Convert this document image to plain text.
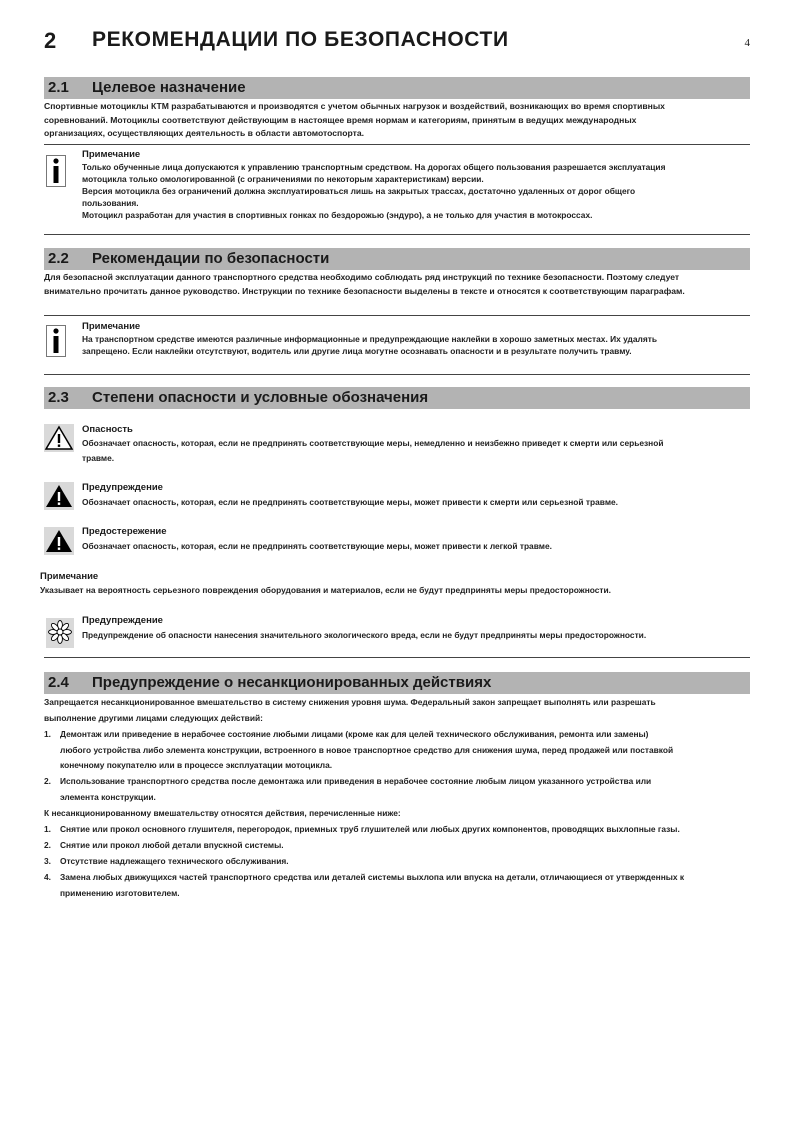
2 РЕКОМЕНДАЦИИ ПО БЕЗОПАСНОСТИ	4
2.1 Целевое назначение
Спортивные мотоциклы КТМ разрабатываются и производятся с учетом обычных нагрузок и воздействий, возникающих во время спортивных
соревнований. Мотоциклы соответствуют действующим в настоящее время нормам и категориям, принятым в ведущих международных
организациях, осуществляющих деятельность в области автомотоспорта.
Примечание
Только обученные лица допускаются к управлению транспортным средством. На дорогах общего пользования разрешается эксплуатация
мотоцикла только омологированной (с ограничениями по некоторым характеристикам) версии.
Версия мотоцикла без ограничений должна эксплуатироваться лишь на закрытых трассах, достаточно удаленных от дорог общего
пользования.
Мотоцикл разработан для участия в спортивных гонках по бездорожью (эндуро), а не только для участия в мотокроссах.
2.2 Рекомендации по безопасности
Для безопасной эксплуатации данного транспортного средства необходимо соблюдать ряд инструкций по технике безопасности. Поэтому следует
внимательно прочитать данное руководство. Инструкции по технике безопасности выделены в тексте и относятся к соответствующим параграфам.
Примечание
На транспортном средстве имеются различные информационные и предупреждающие наклейки в хорошо заметных местах. Их удалять
запрещено. Если наклейки отсутствуют, водитель или другие лица могутне осознавать опасности и в результате получить травму.
2.3 Степени опасности и условные обозначения
Опасность
Обозначает опасность, которая, если не предпринять соответствующие меры, немедленно и неизбежно приведет к смерти или серьезной
травме.
Предупреждение
Обозначает опасность, которая, если не предпринять соответствующие меры, может привести к смерти или серьезной травме.
Предостережение
Обозначает опасность, которая, если не предпринять соответствующие меры, может привести к легкой травме.
Примечание
Указывает на вероятность серьезного повреждения оборудования и материалов, если не будут предприняты меры предосторожности.
Предупреждение
Предупреждение об опасности нанесения значительного экологического вреда, если не будут предприняты меры предосторожности.
2.4 Предупреждение о несанкционированных действиях
Запрещается несанкционированное вмешательство в систему снижения уровня шума. Федеральный закон запрещает выполнять или разрешать
выполнение другими лицами следующих действий:
1. Демонтаж или приведение в нерабочее состояние любыми лицами (кроме как для целей технического обслуживания, ремонта или замены)
любого устройства либо элемента конструкции, встроенного в новое транспортное средство для снижения шума, перед продажей или поставкой
конечному покупателю или в процессе эксплуатации мотоцикла.
2. Использование транспортного средства после демонтажа или приведения в нерабочее состояние любым лицом указанного устройства или
элемента конструкции.
К несанкционированному вмешательству относятся действия, перечисленные ниже:
1. Снятие или прокол основного глушителя, перегородок, приемных труб глушителей или любых других компонентов, проводящих выхлопные газы.
2. Снятие или прокол любой детали впускной системы.
3. Отсутствие надлежащего технического обслуживания.
4. Замена любых движущихся частей транспортного средства или деталей системы выхлопа или впуска на детали, отличающиеся от утвержденных к
применению изготовителем.
